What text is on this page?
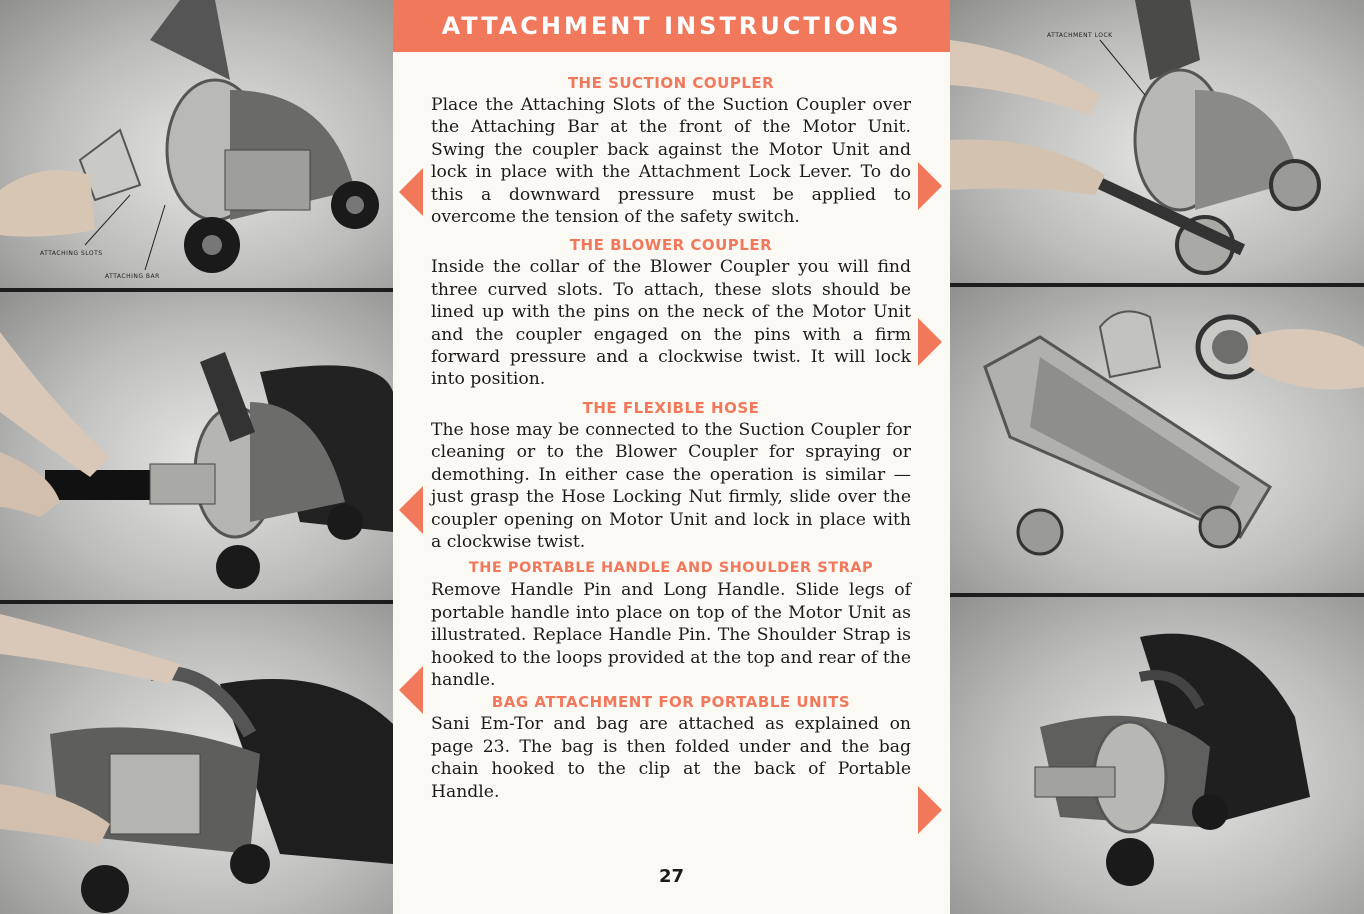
ATTACHING SLOTS
ATTACHING BAR
ATTACHMENT INSTRUCTIONS

THE SUCTION COUPLER

Place the Attaching Slots of the Suction Coupler over the Attaching Bar at the front of the Motor Unit. Swing the coupler back against the Motor Unit and lock in place with the Attachment Lock Lever. To do this a downward pressure must be applied to overcome the tension of the safety switch.

THE BLOWER COUPLER

Inside the collar of the Blower Coupler you will find three curved slots. To attach, these slots should be lined up with the pins on the neck of the Motor Unit and the coupler engaged on the pins with a firm forward pressure and a clockwise twist. It will lock into position.

THE FLEXIBLE HOSE

The hose may be connected to the Suction Coupler for cleaning or to the Blower Coupler for spraying or demothing. In either case the operation is similar — just grasp the Hose Locking Nut firmly, slide over the coupler opening on Motor Unit and lock in place with a clockwise twist.

THE PORTABLE HANDLE AND SHOULDER STRAP

Remove Handle Pin and Long Handle. Slide legs of portable handle into place on top of the Motor Unit as illustrated. Replace Handle Pin. The Shoulder Strap is hooked to the loops provided at the top and rear of the handle.

BAG ATTACHMENT FOR PORTABLE UNITS

Sani Em-Tor and bag are attached as explained on page 23. The bag is then folded under and the bag chain hooked to the clip at the back of Portable Handle.

27
ATTACHMENT LOCK
